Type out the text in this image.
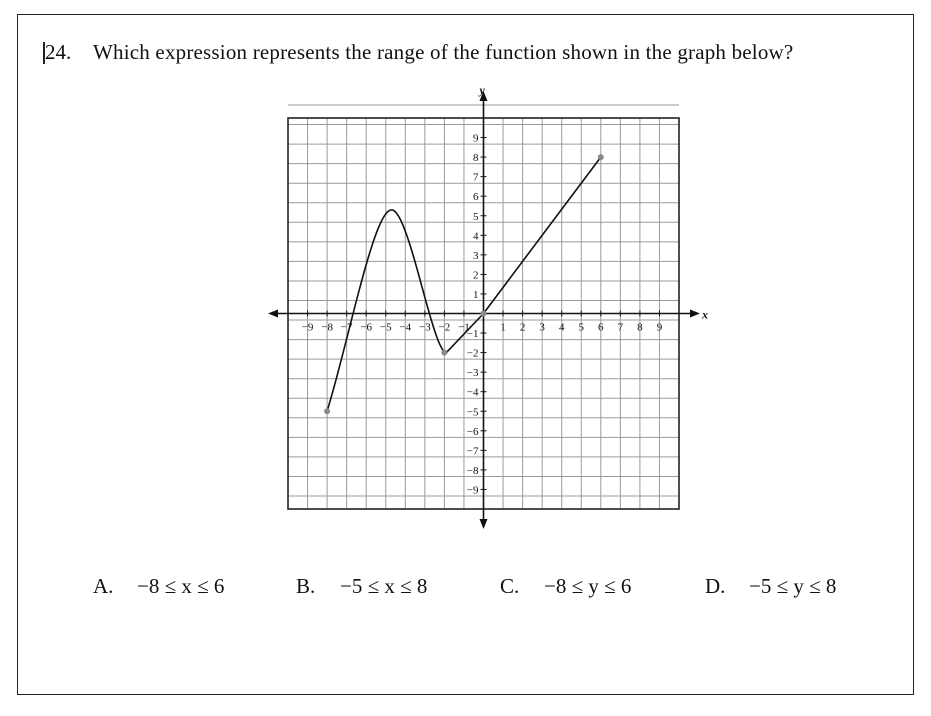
24. Which expression represents the range of the function shown in the graph below?
x
y
−9 −8 −7 −6 −5 −4 −3 −2 −1	1 2 3 4 5 6 7 8 9
9
8
7
6
5
4
3
2
1
−1
−2
−3
−4
−5
−6
−7
−8
−9
A. −8 ≤ x ≤ 6	B. −5 ≤ x ≤ 8	C. −8 ≤ y ≤ 6	D. −5 ≤ y ≤ 8
